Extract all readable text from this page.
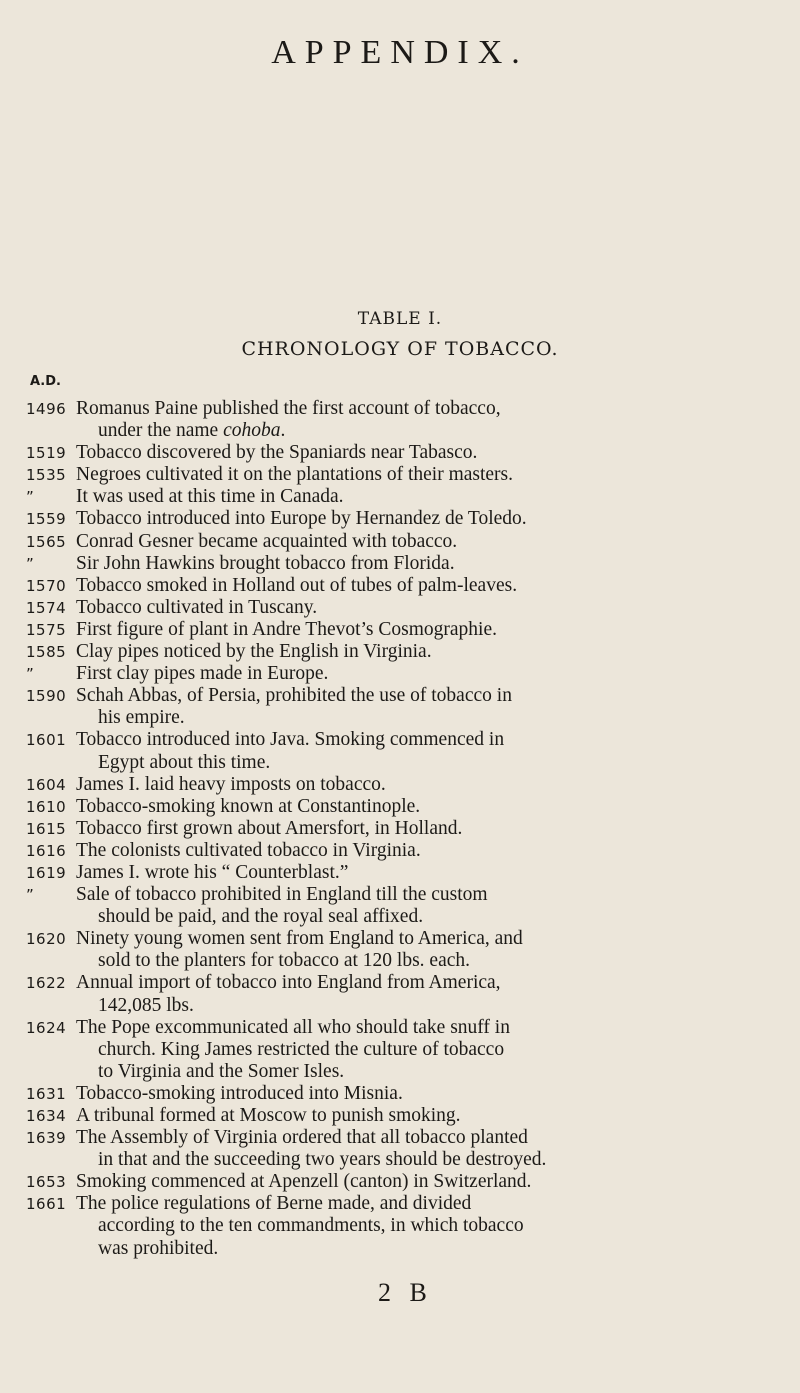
APPENDIX.
TABLE I.
CHRONOLOGY OF TOBACCO.
A.D.
1496 Romanus Paine published the first account of tobacco,
under the name cohoba.
1519 Tobacco discovered by the Spaniards near Tabasco.
1535 Negroes cultivated it on the plantations of their masters.
”	It was used at this time in Canada.
1559 Tobacco introduced into Europe by Hernandez de Toledo.
1565 Conrad Gesner became acquainted with tobacco.
”	Sir John Hawkins brought tobacco from Florida.
1570 Tobacco smoked in Holland out of tubes of palm-leaves.
1574 Tobacco cultivated in Tuscany.
1575 First figure of plant in Andre Thevot’s Cosmographie.
1585 Clay pipes noticed by the English in Virginia.
”	First clay pipes made in Europe.
1590 Schah Abbas, of Persia, prohibited the use of tobacco in
his empire.
1601 Tobacco introduced into Java. Smoking commenced in
Egypt about this time.
1604 James I. laid heavy imposts on tobacco.
1610 Tobacco-smoking known at Constantinople.
1615 Tobacco first grown about Amersfort, in Holland.
1616 The colonists cultivated tobacco in Virginia.
1619 James I. wrote his “ Counterblast.”
”	Sale of tobacco prohibited in England till the custom
should be paid, and the royal seal affixed.
1620 Ninety young women sent from England to America, and
sold to the planters for tobacco at 120 lbs. each.
1622 Annual import of tobacco into England from America,
142,085 lbs.
1624 The Pope excommunicated all who should take snuff in
church. King James restricted the culture of tobacco
to Virginia and the Somer Isles.
1631 Tobacco-smoking introduced into Misnia.
1634 A tribunal formed at Moscow to punish smoking.
1639 The Assembly of Virginia ordered that all tobacco planted
in that and the succeeding two years should be destroyed.
1653 Smoking commenced at Apenzell (canton) in Switzerland.
1661 The police regulations of Berne made, and divided
according to the ten commandments, in which tobacco
was prohibited.
2 B
